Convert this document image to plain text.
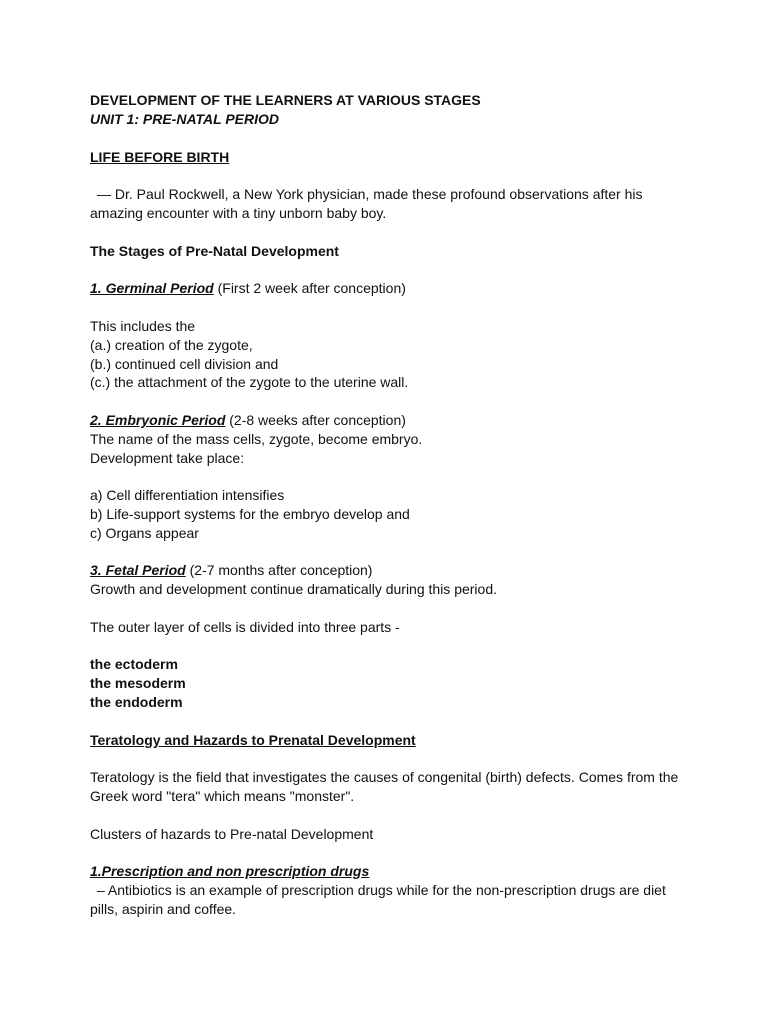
DEVELOPMENT OF THE LEARNERS AT VARIOUS STAGES
UNIT 1: PRE-NATAL PERIOD
LIFE BEFORE BIRTH
— Dr. Paul Rockwell, a New York physician, made these profound observations after his
amazing encounter with a tiny unborn baby boy.
The Stages of Pre-Natal Development
1. Germinal Period (First 2 week after conception)
This includes the
(a.) creation of the zygote,
(b.) continued cell division and
(c.) the attachment of the zygote to the uterine wall.
2. Embryonic Period (2-8 weeks after conception)
The name of the mass cells, zygote, become embryo.
Development take place:
a) Cell differentiation intensifies
b) Life-support systems for the embryo develop and
c) Organs appear
3. Fetal Period (2-7 months after conception)
Growth and development continue dramatically during this period.
The outer layer of cells is divided into three parts -
the ectoderm
the mesoderm
the endoderm
Teratology and Hazards to Prenatal Development
Teratology is the field that investigates the causes of congenital (birth) defects. Comes from the
Greek word "tera" which means "monster".
Clusters of hazards to Pre-natal Development
1.Prescription and non prescription drugs
– Antibiotics is an example of prescription drugs while for the non-prescription drugs are diet
pills, aspirin and coffee.
